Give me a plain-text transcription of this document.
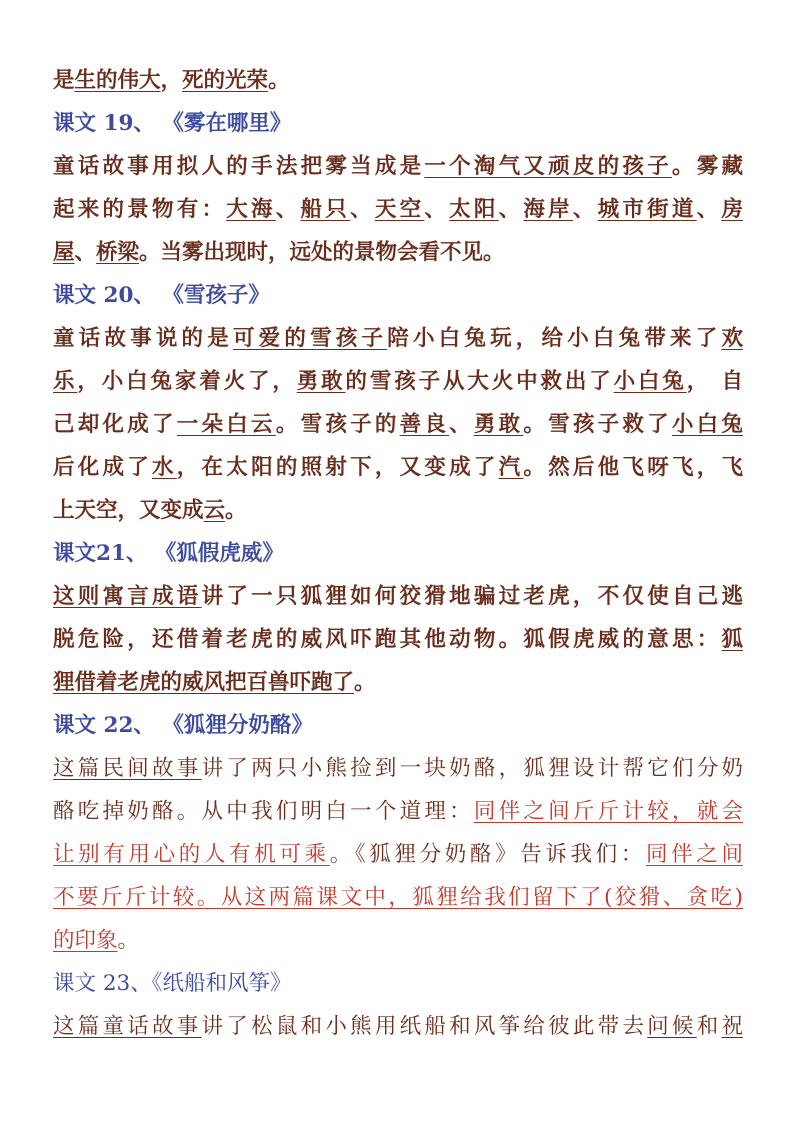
是生的伟大，死的光荣。
课文 19、 《雾在哪里》
童话故事用拟人的手法把雾当成是一个淘气又顽皮的孩子。雾藏
起来的景物有：大海、船只、天空、太阳、海岸、城市街道、房
屋、桥梁。当雾出现时，远处的景物会看不见。
课文 20、 《雪孩子》
童话故事说的是可爱的雪孩子陪小白兔玩，给小白兔带来了欢
乐，小白兔家着火了，勇敢的雪孩子从大火中救出了小白兔， 自
己却化成了一朵白云。雪孩子的善良、勇敢。雪孩子救了小白兔
后化成了水，在太阳的照射下，又变成了汽。然后他飞呀飞，飞
上天空，又变成云。
课文21、 《狐假虎威》
这则寓言成语讲了一只狐狸如何狡猾地骗过老虎，不仅使自己逃
脱危险，还借着老虎的威风吓跑其他动物。狐假虎威的意思：狐
狸借着老虎的威风把百兽吓跑了。
课文 22、 《狐狸分奶酪》
这篇民间故事讲了两只小熊捡到一块奶酪，狐狸设计帮它们分奶
酪吃掉奶酪。从中我们明白一个道理：同伴之间斤斤计较，就会
让别有用心的人有机可乘。《狐狸分奶酪》告诉我们：同伴之间
不要斤斤计较。从这两篇课文中，狐狸给我们留下了(狡猾、贪吃)
的印象。
课文 23、《纸船和风筝》
这篇童话故事讲了松鼠和小熊用纸船和风筝给彼此带去问候和祝
